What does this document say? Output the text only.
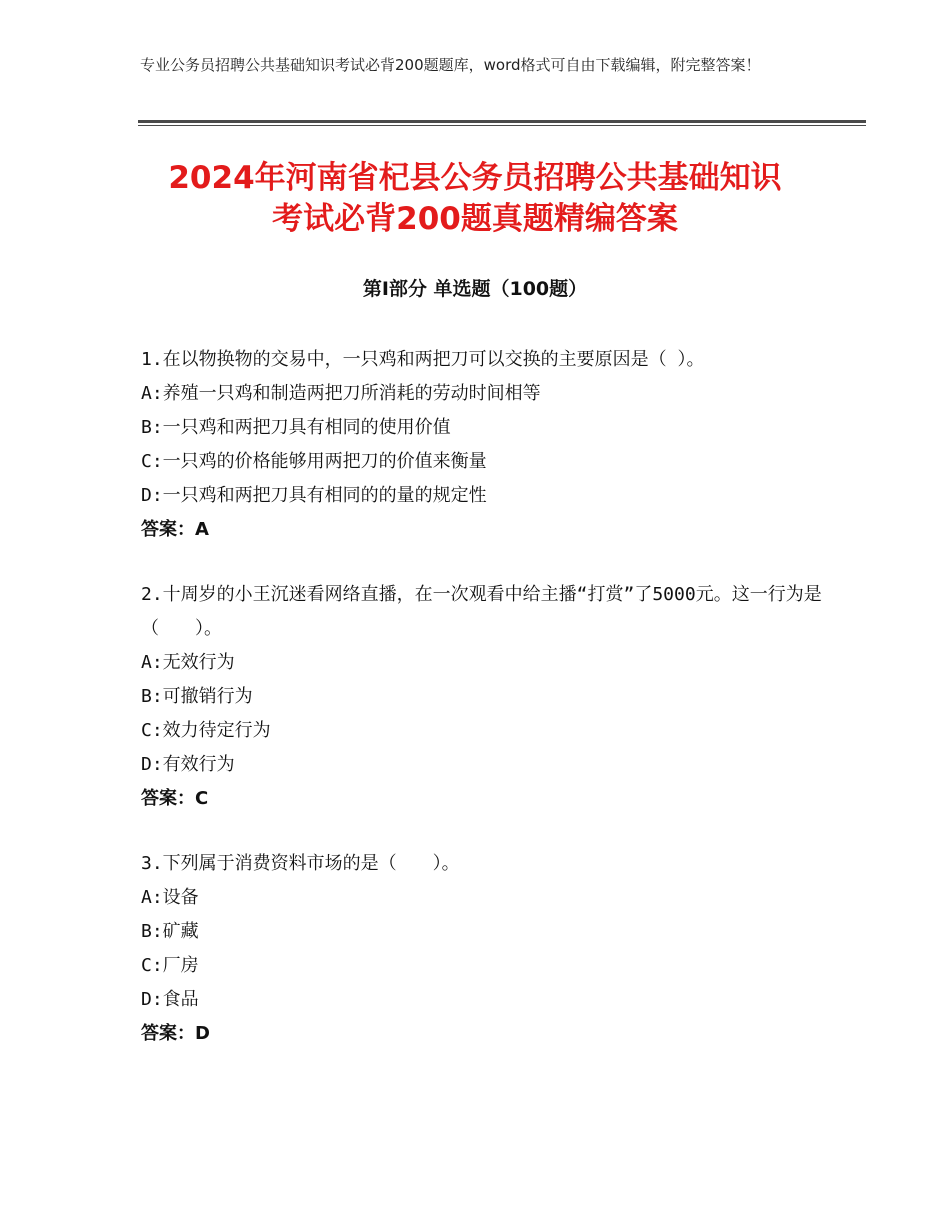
专业公务员招聘公共基础知识考试必背200题题库，word格式可自由下载编辑，附完整答案！
2024年河南省杞县公务员招聘公共基础知识
考试必背200题真题精编答案
第Ⅰ部分 单选题（100题）
1.在以物换物的交易中，一只鸡和两把刀可以交换的主要原因是（ ）。
A:养殖一只鸡和制造两把刀所消耗的劳动时间相等
B:一只鸡和两把刀具有相同的使用价值
C:一只鸡的价格能够用两把刀的价值来衡量
D:一只鸡和两把刀具有相同的的量的规定性
答案：A
2.十周岁的小王沉迷看网络直播，在一次观看中给主播“打赏”了5000元。这一行为是（　　）。
A:无效行为
B:可撤销行为
C:效力待定行为
D:有效行为
答案：C
3.下列属于消费资料市场的是（　　）。
A:设备
B:矿藏
C:厂房
D:食品
答案：D
